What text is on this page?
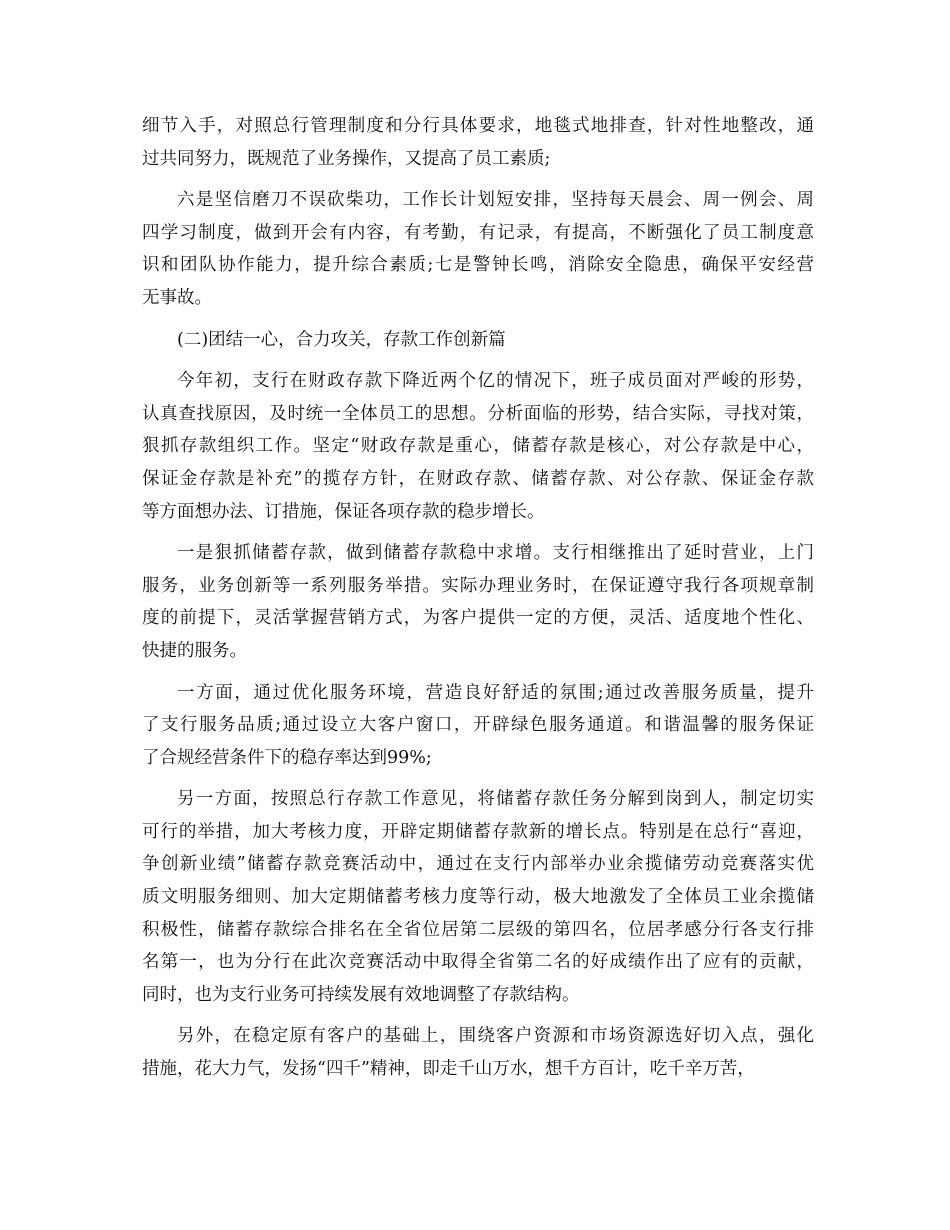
细节入手，对照总行管理制度和分行具体要求，地毯式地排查，针对性地整改，通
过共同努力，既规范了业务操作，又提高了员工素质;
六是坚信磨刀不误砍柴功，工作长计划短安排，坚持每天晨会、周一例会、周
四学习制度，做到开会有内容，有考勤，有记录，有提高，不断强化了员工制度意
识和团队协作能力，提升综合素质;七是警钟长鸣，消除安全隐患，确保平安经营
无事故。
(二)团结一心，合力攻关，存款工作创新篇
今年初，支行在财政存款下降近两个亿的情况下，班子成员面对严峻的形势，
认真查找原因，及时统一全体员工的思想。分析面临的形势，结合实际，寻找对策，
狠抓存款组织工作。坚定“财政存款是重心，储蓄存款是核心，对公存款是中心，
保证金存款是补充”的揽存方针，在财政存款、储蓄存款、对公存款、保证金存款
等方面想办法、订措施，保证各项存款的稳步增长。
一是狠抓储蓄存款，做到储蓄存款稳中求增。支行相继推出了延时营业，上门
服务，业务创新等一系列服务举措。实际办理业务时，在保证遵守我行各项规章制
度的前提下，灵活掌握营销方式，为客户提供一定的方便，灵活、适度地个性化、
快捷的服务。
一方面，通过优化服务环境，营造良好舒适的氛围;通过改善服务质量，提升
了支行服务品质;通过设立大客户窗口，开辟绿色服务通道。和谐温馨的服务保证
了合规经营条件下的稳存率达到99%;
另一方面，按照总行存款工作意见，将储蓄存款任务分解到岗到人，制定切实
可行的举措，加大考核力度，开辟定期储蓄存款新的增长点。特别是在总行“喜迎，
争创新业绩”储蓄存款竞赛活动中，通过在支行内部举办业余揽储劳动竞赛落实优
质文明服务细则、加大定期储蓄考核力度等行动，极大地激发了全体员工业余揽储
积极性，储蓄存款综合排名在全省位居第二层级的第四名，位居孝感分行各支行排
名第一，也为分行在此次竞赛活动中取得全省第二名的好成绩作出了应有的贡献，
同时，也为支行业务可持续发展有效地调整了存款结构。
另外，在稳定原有客户的基础上，围绕客户资源和市场资源选好切入点，强化
措施，花大力气，发扬“四千”精神，即走千山万水，想千方百计，吃千辛万苦，
